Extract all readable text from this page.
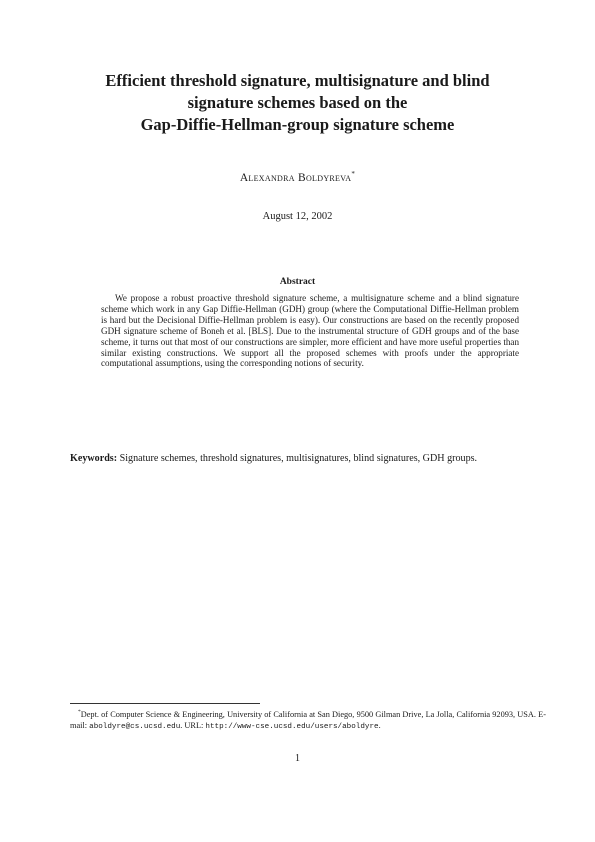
Efficient threshold signature, multisignature and blind
signature schemes based on the
Gap-Diffie-Hellman-group signature scheme
Alexandra Boldyreva*
August 12, 2002
Abstract
We propose a robust proactive threshold signature scheme, a multisignature scheme and a blind signature scheme which work in any Gap Diffie-Hellman (GDH) group (where the Computational Diffie-Hellman problem is hard but the Decisional Diffie-Hellman problem is easy). Our constructions are based on the recently proposed GDH signature scheme of Boneh et al. [BLS]. Due to the instrumental structure of GDH groups and of the base scheme, it turns out that most of our constructions are simpler, more efficient and have more useful properties than similar existing constructions. We support all the proposed schemes with proofs under the appropriate computational assumptions, using the corresponding notions of security.
Keywords: Signature schemes, threshold signatures, multisignatures, blind signatures, GDH groups.
*Dept. of Computer Science & Engineering, University of California at San Diego, 9500 Gilman Drive, La Jolla, California 92093, USA. E-mail: aboldyre@cs.ucsd.edu. URL: http://www-cse.ucsd.edu/users/aboldyre.
1
